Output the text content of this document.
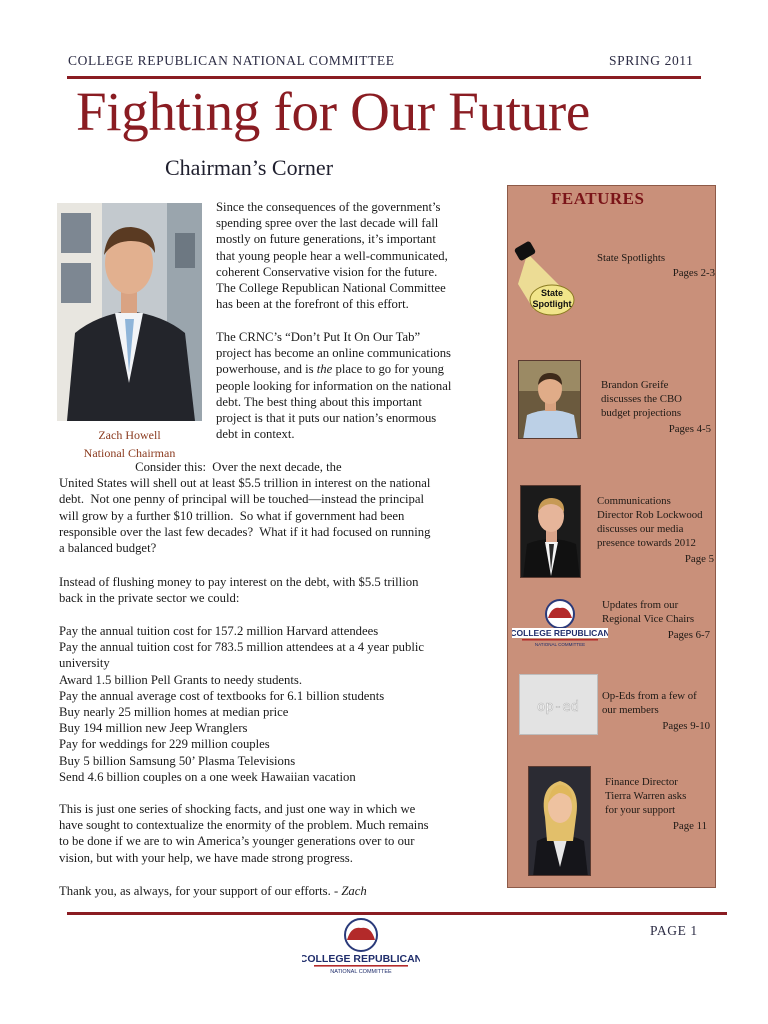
COLLEGE REPUBLICAN NATIONAL COMMITTEE	SPRING 2011
Fighting for Our Future
Chairman’s Corner
Zach Howell
National Chairman
Since the consequences of the government’s
spending spree over the last decade will fall
mostly on future generations, it’s important
that young people hear a well-communicated,
coherent Conservative vision for the future.
The College Republican National Committee
has been at the forefront of this effort.
The CRNC’s “Don’t Put It On Our Tab”
project has become an online communications
powerhouse, and is the place to go for young
people looking for information on the national
debt. The best thing about this important
project is that it puts our nation’s enormous
debt in context.
Consider this:  Over the next decade, the
United States will shell out at least $5.5 trillion in interest on the national
debt.  Not one penny of principal will be touched—instead the principal
will grow by a further $10 trillion.  So what if government had been
responsible over the last few decades?  What if it had focused on running
a balanced budget?
Instead of flushing money to pay interest on the debt, with $5.5 trillion
back in the private sector we could:
Pay the annual tuition cost for 157.2 million Harvard attendees
Pay the annual tuition cost for 783.5 million attendees at a 4 year public
university
Award 1.5 billion Pell Grants to needy students.
Pay the annual average cost of textbooks for 6.1 billion students
Buy nearly 25 million homes at median price
Buy 194 million new Jeep Wranglers
Pay for weddings for 229 million couples
Buy 5 billion Samsung 50’ Plasma Televisions
Send 4.6 billion couples on a one week Hawaiian vacation
This is just one series of shocking facts, and just one way in which we
have sought to contextualize the enormity of the problem. Much remains
to be done if we are to win America’s younger generations over to our
vision, but with your help, we have made strong progress.
Thank you, as always, for your support of our efforts. - Zach
FEATURES
State
Spotlight
COLLEGE REPUBLICAN
NATIONAL COMMITTEE
op-ed
State Spotlights
Pages 2-3
Brandon Greife
discusses the CBO
budget projections
Pages 4-5
Communications
Director Rob Lockwood
discusses our media
presence towards 2012
Page 5
Updates from our
Regional Vice Chairs
Pages 6-7
Op-Eds from a few of
our members
Pages 9-10
Finance Director
Tierra Warren asks
for your support
Page 11
PAGE 1
COLLEGE REPUBLICAN
NATIONAL COMMITTEE
